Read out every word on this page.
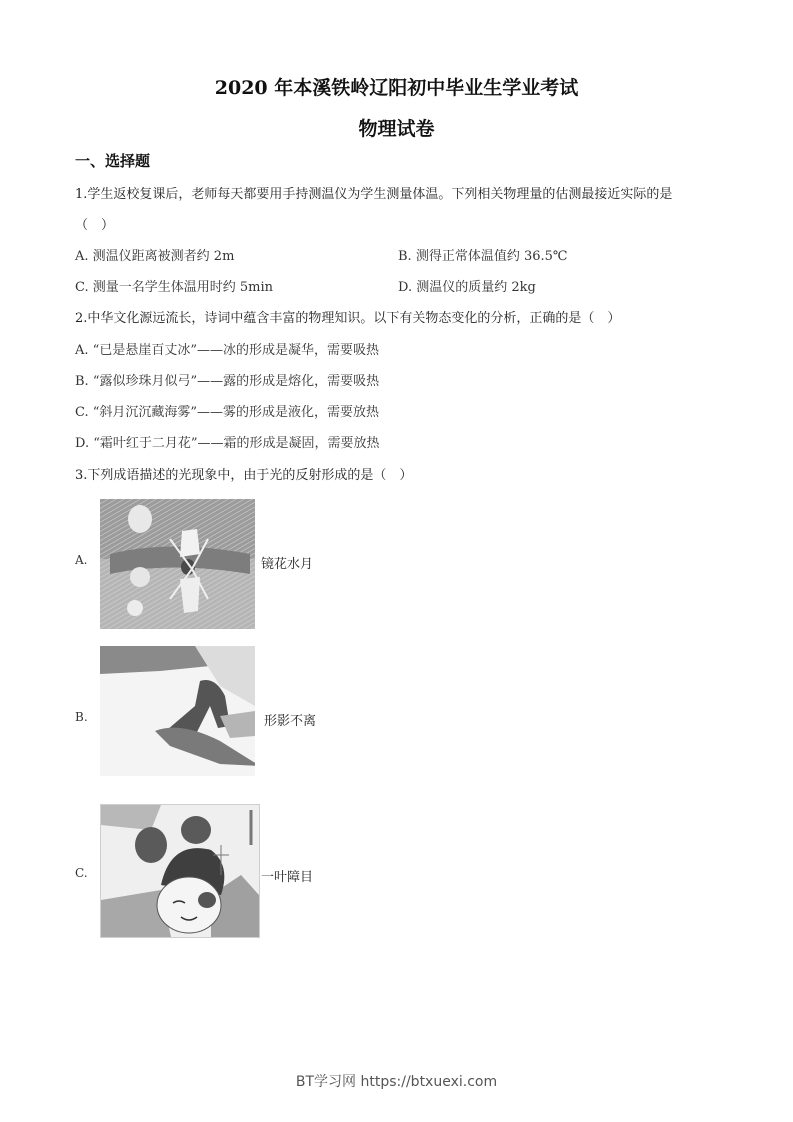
2020 年本溪铁岭辽阳初中毕业生学业考试
物理试卷
一、选择题
1.学生返校复课后，老师每天都要用手持测温仪为学生测量体温。下列相关物理量的估测最接近实际的是
（　）
A. 测温仪距离被测者约 2m	B. 测得正常体温值约 36.5℃
C. 测量一名学生体温用时约 5min	D. 测温仪的质量约 2kg
2.中华文化源远流长，诗词中蕴含丰富的物理知识。以下有关物态变化的分析，正确的是（　）
A. “已是悬崖百丈冰”——冰的形成是凝华，需要吸热
B. “露似珍珠月似弓”——露的形成是熔化，需要吸热
C. “斜月沉沉藏海雾”——雾的形成是液化，需要放热
D. “霜叶红于二月花”——霜的形成是凝固，需要放热
3.下列成语描述的光现象中，由于光的反射形成的是（　）
A.	镜花水月
B.	形影不离
C.	一叶障目
BT学习网 https://btxuexi.com
